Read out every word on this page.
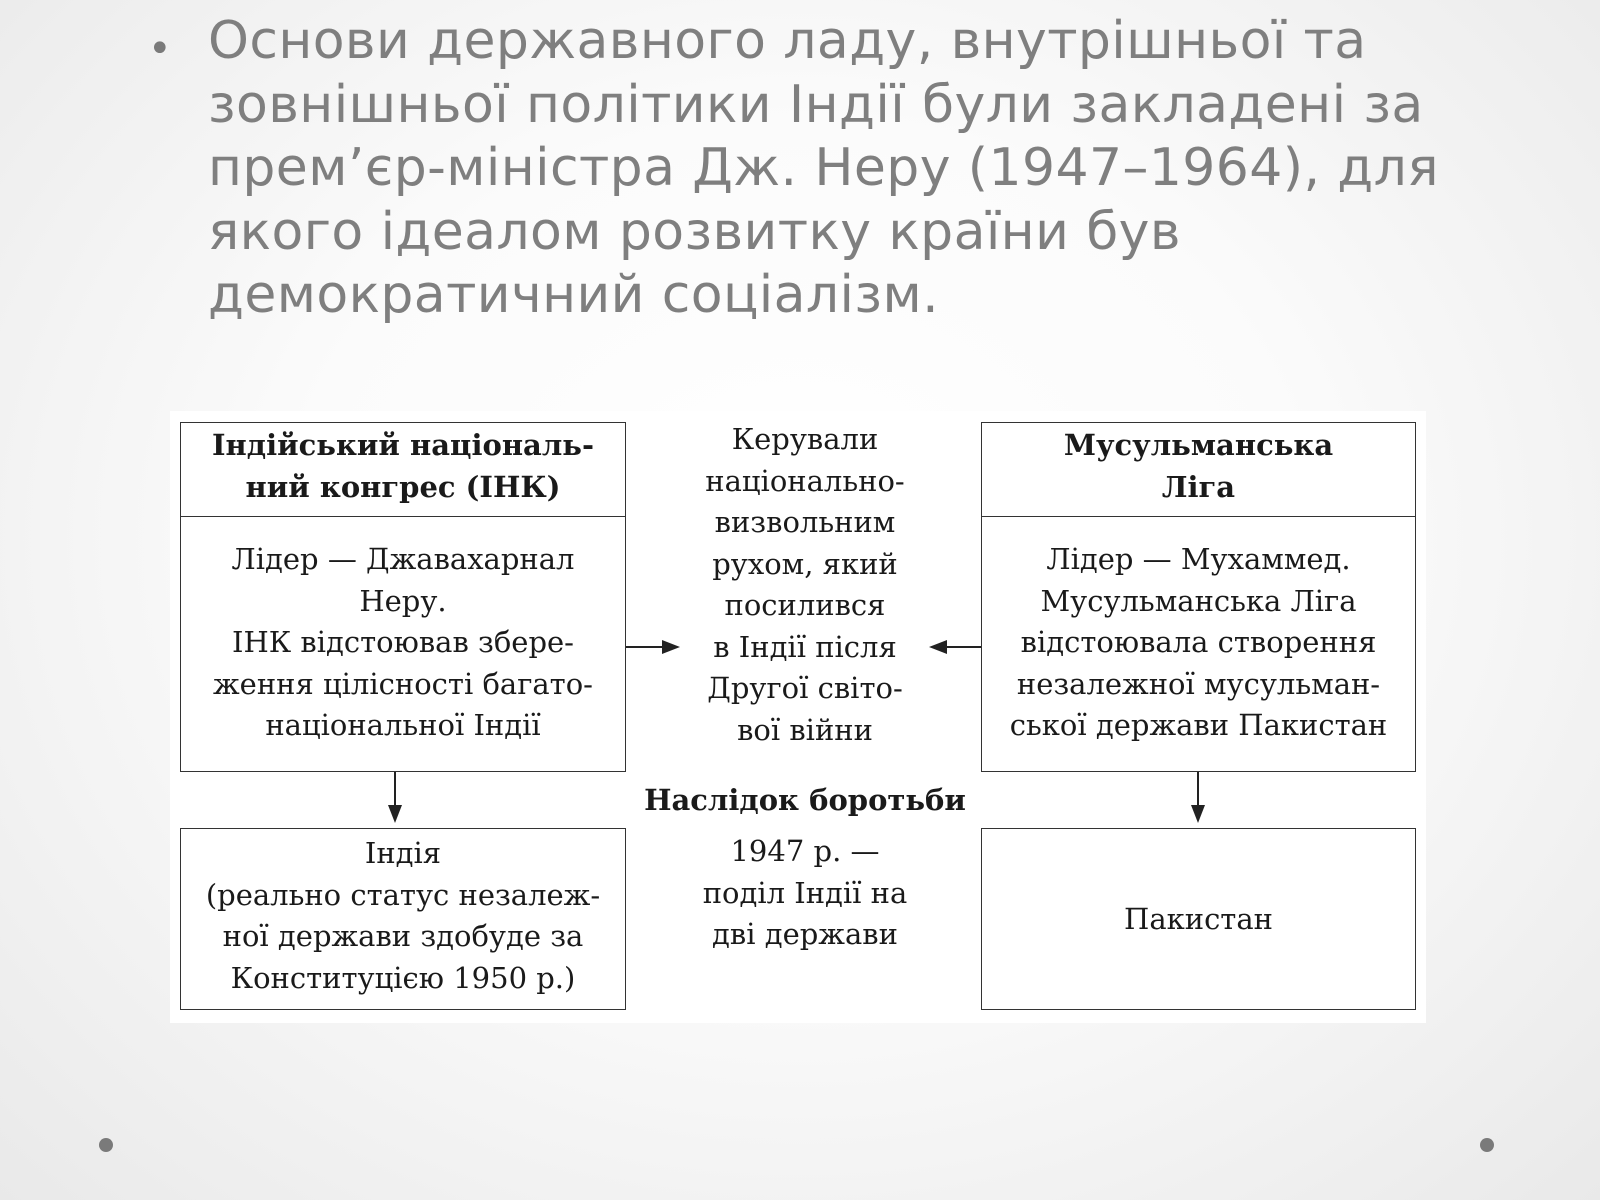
• Основи державного ладу, внутрішньої та
зовнішньої політики Індії були закладені за
прем’єр-міністра Дж. Неру (1947–1964), для
якого ідеалом розвитку країни був
демократичний соціалізм.
Індійський національ-
ний конгрес (ІНК)
Лідер — Джавахарнал
Неру.
ІНК відстоював збере-
ження цілісності багато-
національної Індії
Мусульманська
Ліга
Лідер — Мухаммед.
Мусульманська Ліга
відстоювала створення
незалежної мусульман-
ської держави Пакистан
Керували
національно-
визвольним
рухом, який
посилився
в Індії після
Другої світо-
вої війни
Наслідок боротьби
1947 р. —
поділ Індії на
дві держави
Індія
(реально статус незалеж-
ної держави здобуде за
Конституцією 1950 р.)
Пакистан
